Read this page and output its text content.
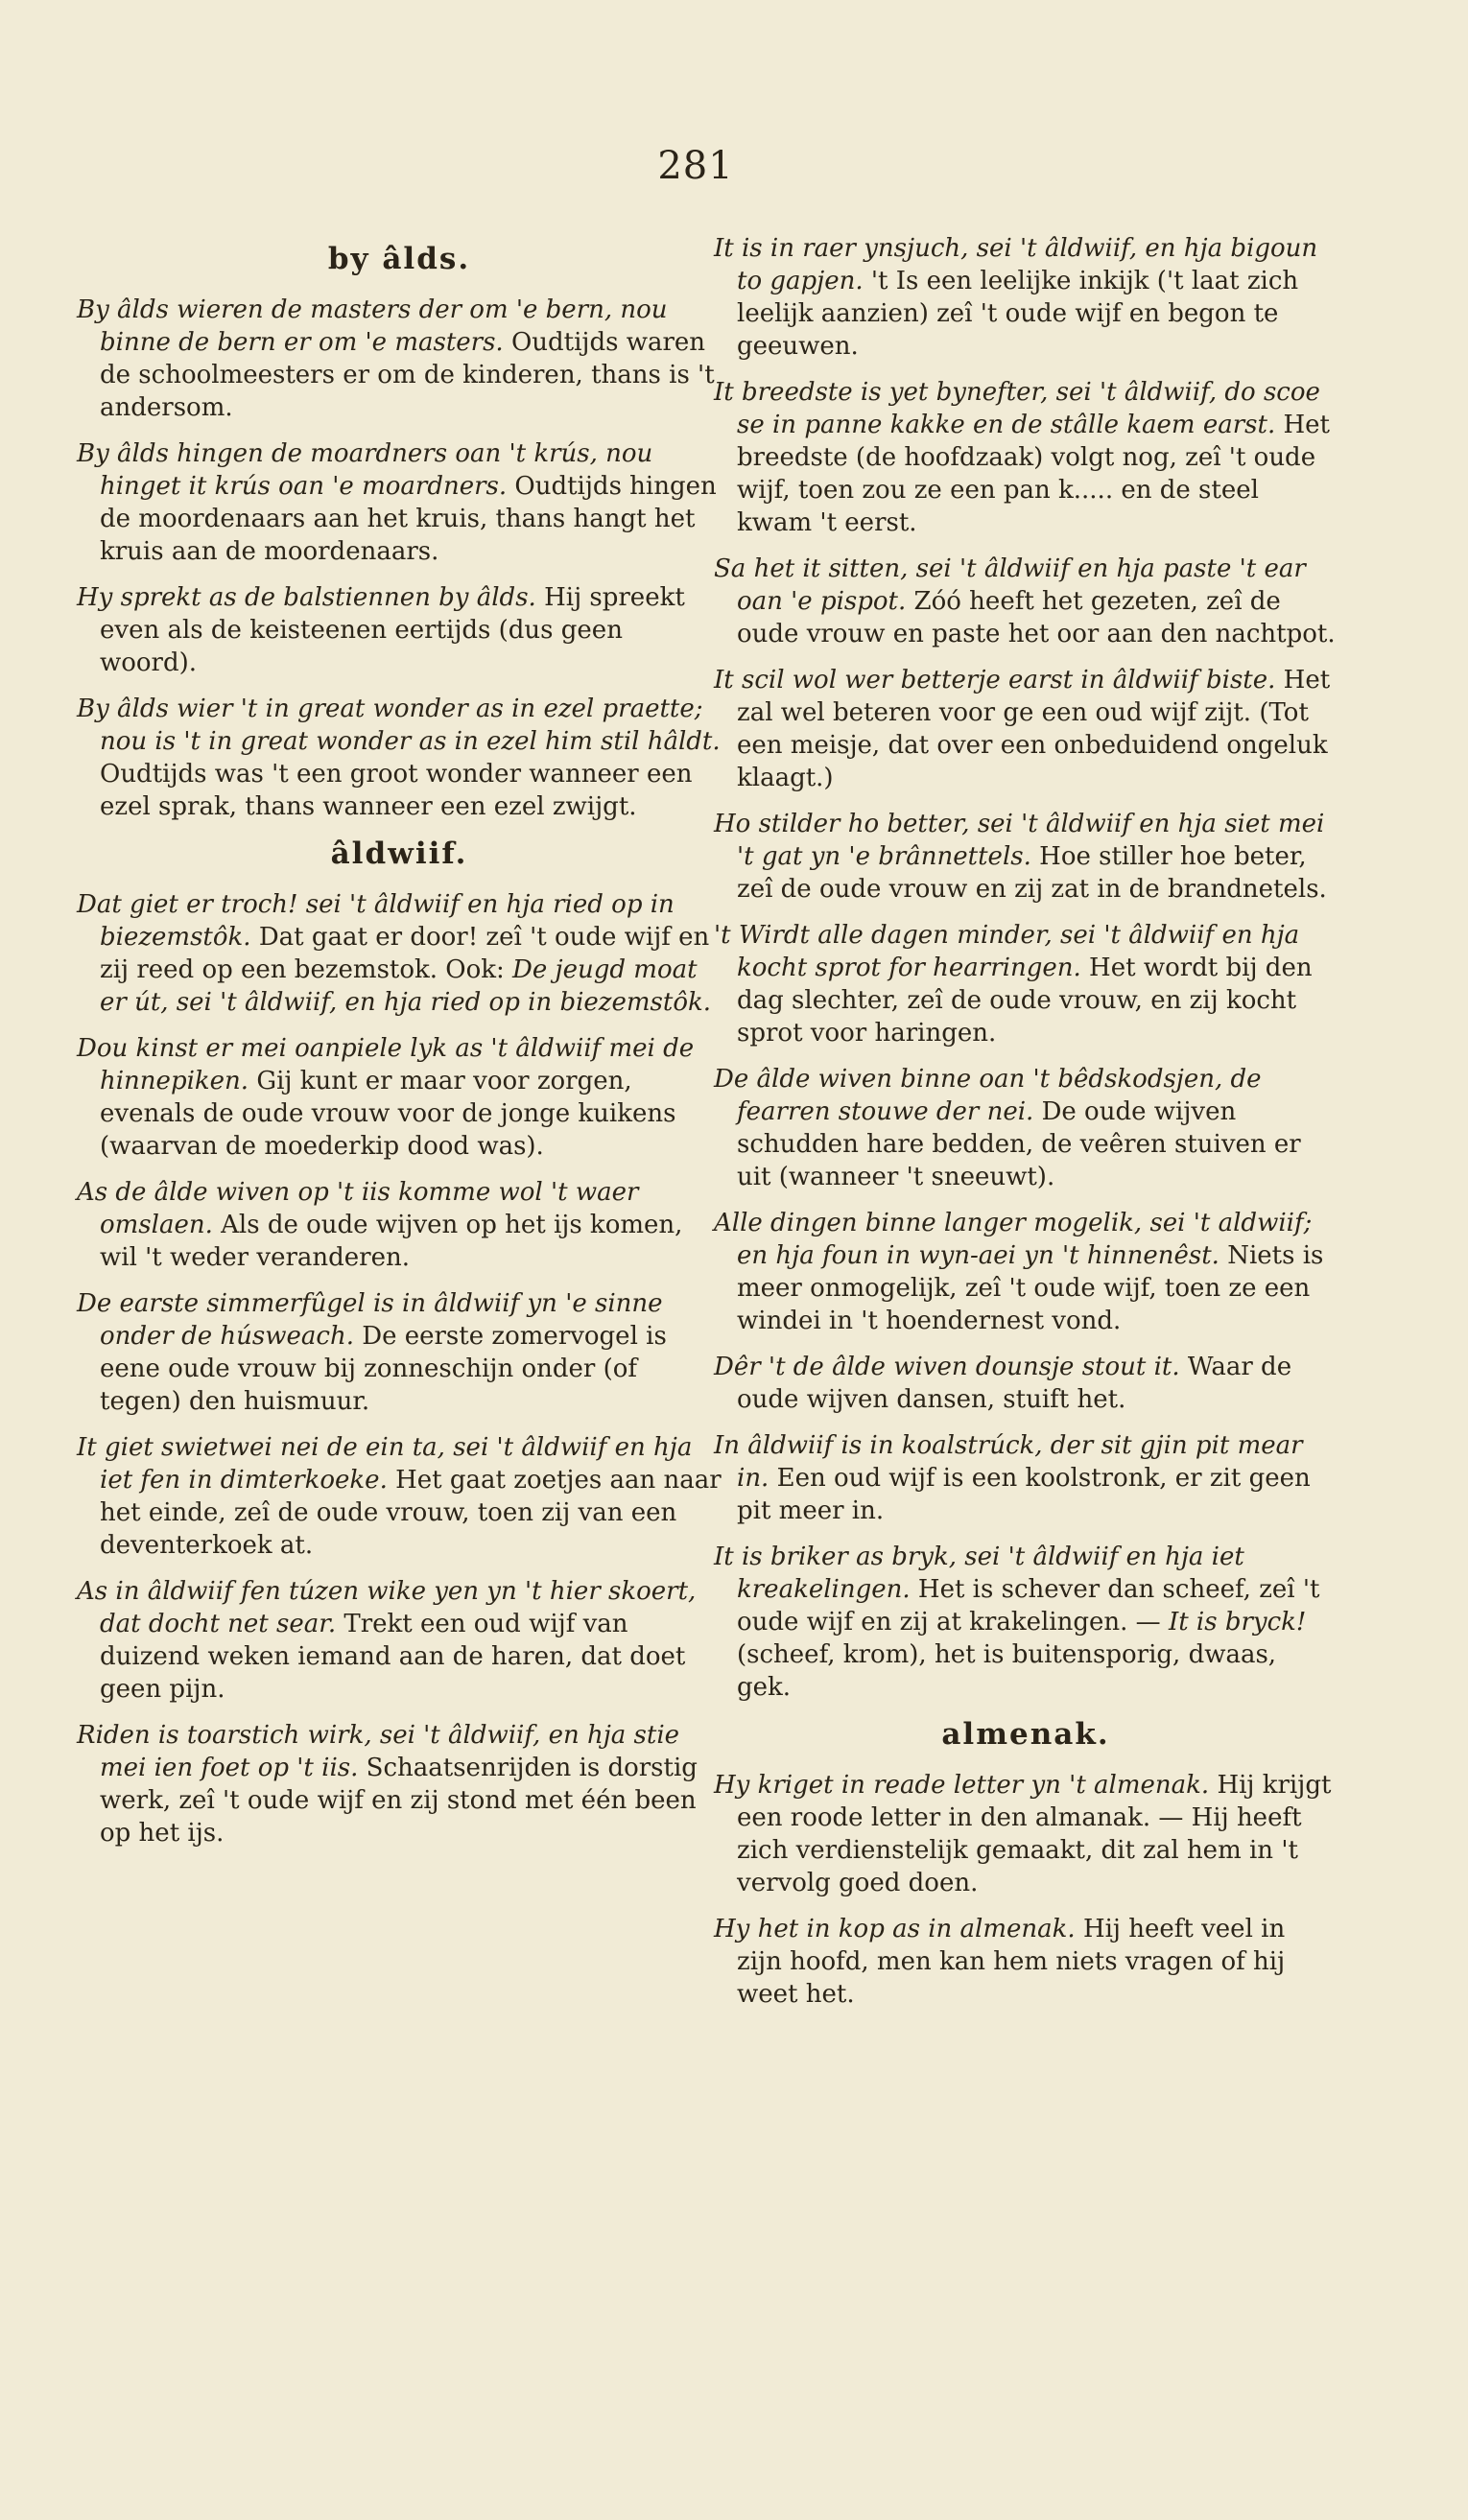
281
by âlds.
By âlds wieren de masters der om 'e bern, nou binne de bern er om 'e masters. Oudtijds waren de schoolmeesters er om de kinderen, thans is 't andersom.
By âlds hingen de moardners oan 't krús, nou hinget it krús oan 'e moardners. Oudtijds hingen de moordenaars aan het kruis, thans hangt het kruis aan de moordenaars.
Hy sprekt as de balstiennen by âlds. Hij spreekt even als de keisteenen eertijds (dus geen woord).
By âlds wier 't in great wonder as in ezel praette; nou is 't in great wonder as in ezel him stil hâldt. Oudtijds was 't een groot wonder wanneer een ezel sprak, thans wanneer een ezel zwijgt.
âldwiif.
Dat giet er troch! sei 't âldwiif en hja ried op in biezemstôk. Dat gaat er door! zeî 't oude wijf en zij reed op een bezemstok. Ook: De jeugd moat er út, sei 't âldwiif, en hja ried op in biezemstôk.
Dou kinst er mei oanpiele lyk as 't âldwiif mei de hinnepiken. Gij kunt er maar voor zorgen, evenals de oude vrouw voor de jonge kuikens (waarvan de moederkip dood was).
As de âlde wiven op 't iis komme wol 't waer omslaen. Als de oude wijven op het ijs komen, wil 't weder veranderen.
De earste simmerfûgel is in âldwiif yn 'e sinne onder de húsweach. De eerste zomervogel is eene oude vrouw bij zonneschijn onder (of tegen) den huismuur.
It giet swietwei nei de ein ta, sei 't âldwiif en hja iet fen in dimterkoeke. Het gaat zoetjes aan naar het einde, zeî de oude vrouw, toen zij van een deventerkoek at.
As in âldwiif fen túzen wike yen yn 't hier skoert, dat docht net sear. Trekt een oud wijf van duizend weken iemand aan de haren, dat doet geen pijn.
Riden is toarstich wirk, sei 't âldwiif, en hja stie mei ien foet op 't iis. Schaatsenrijden is dorstig werk, zeî 't oude wijf en zij stond met één been op het ijs.
It is in raer ynsjuch, sei 't âldwiif, en hja bigoun to gapjen. 't Is een leelijke inkijk ('t laat zich leelijk aanzien) zeî 't oude wijf en begon te geeuwen.
It breedste is yet bynefter, sei 't âldwiif, do scoe se in panne kakke en de stâlle kaem earst. Het breedste (de hoofdzaak) volgt nog, zeî 't oude wijf, toen zou ze een pan k..... en de steel kwam 't eerst.
Sa het it sitten, sei 't âldwiif en hja paste 't ear oan 'e pispot. Zóó heeft het gezeten, zeî de oude vrouw en paste het oor aan den nachtpot.
It scil wol wer betterje earst in âldwiif biste. Het zal wel beteren voor ge een oud wijf zijt. (Tot een meisje, dat over een onbeduidend ongeluk klaagt.)
Ho stilder ho better, sei 't âldwiif en hja siet mei 't gat yn 'e brânnettels. Hoe stiller hoe beter, zeî de oude vrouw en zij zat in de brandnetels.
't Wirdt alle dagen minder, sei 't âldwiif en hja kocht sprot for hearringen. Het wordt bij den dag slechter, zeî de oude vrouw, en zij kocht sprot voor haringen.
De âlde wiven binne oan 't bêdskodsjen, de fearren stouwe der nei. De oude wijven schudden hare bedden, de veêren stuiven er uit (wanneer 't sneeuwt).
Alle dingen binne langer mogelik, sei 't aldwiif; en hja foun in wyn-aei yn 't hinnenêst. Niets is meer onmogelijk, zeî 't oude wijf, toen ze een windei in 't hoendernest vond.
Dêr 't de âlde wiven dounsje stout it. Waar de oude wijven dansen, stuift het.
In âldwiif is in koalstrúck, der sit gjin pit mear in. Een oud wijf is een koolstronk, er zit geen pit meer in.
It is briker as bryk, sei 't âldwiif en hja iet kreakelingen. Het is schever dan scheef, zeî 't oude wijf en zij at krakelingen. — It is bryck! (scheef, krom), het is buitensporig, dwaas, gek.
almenak.
Hy kriget in reade letter yn 't almenak. Hij krijgt een roode letter in den almanak. — Hij heeft zich verdienstelijk gemaakt, dit zal hem in 't vervolg goed doen.
Hy het in kop as in almenak. Hij heeft veel in zijn hoofd, men kan hem niets vragen of hij weet het.
